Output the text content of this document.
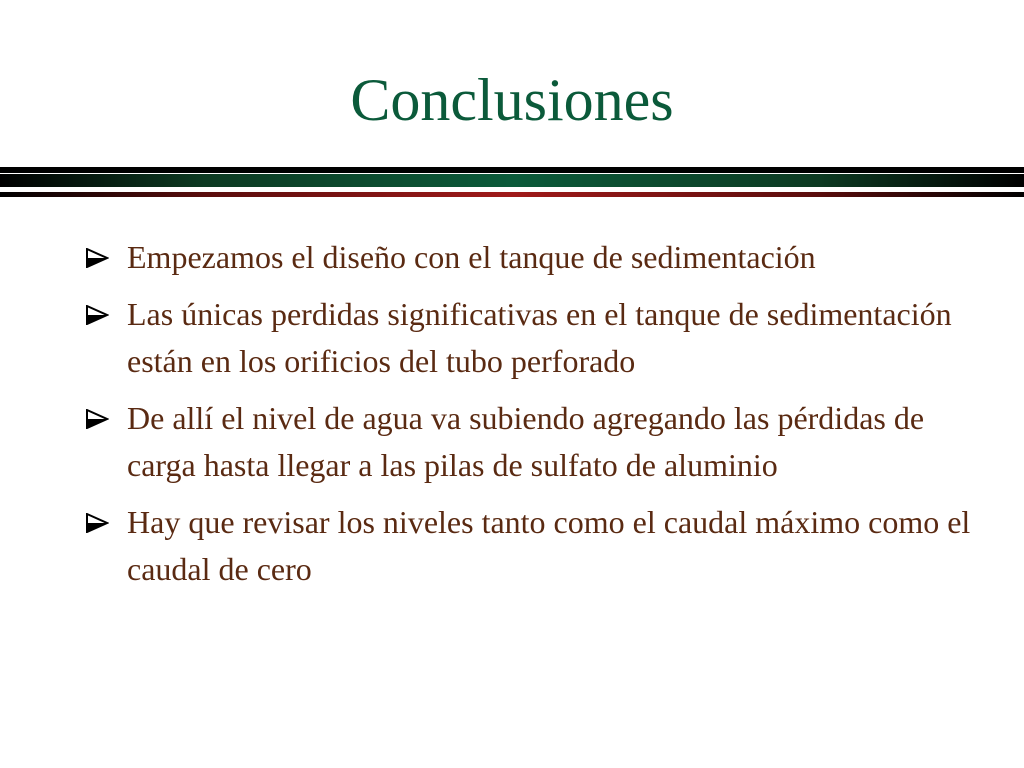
Conclusiones
Empezamos el diseño con el tanque de sedimentación
Las únicas perdidas significativas en el tanque de sedimentación están en los orificios del tubo perforado
De allí el nivel de agua va subiendo agregando las pérdidas de carga hasta llegar a las pilas de sulfato de aluminio
Hay que revisar los niveles tanto como el caudal máximo como el caudal de cero
